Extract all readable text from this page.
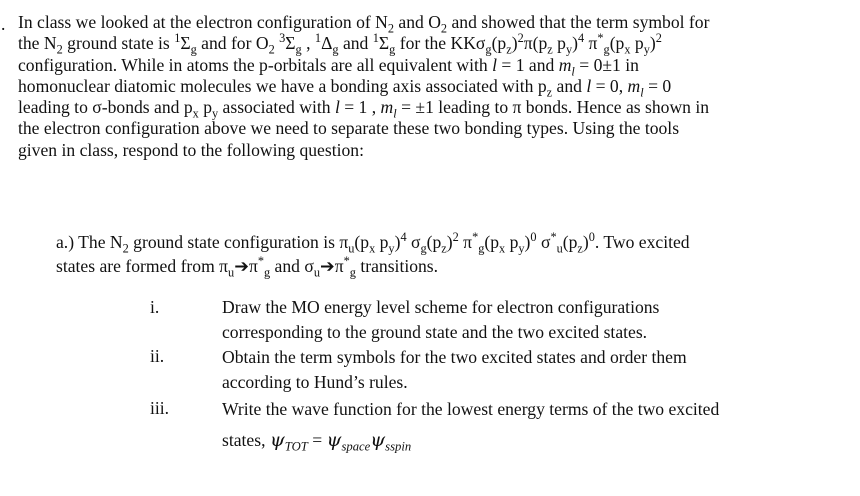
. In class we looked at the electron configuration of $N_2$ and $O_2$ and showed that the term symbol for
the $N_2$ ground state is $^1\Sigma_g$ and for $O_2$ $^3\Sigma_g$ , $^1\Delta_g$ and $^1\Sigma_g$ for the $KK\sigma_g(p_z)^2\pi(p_z$ $p_y)^4$ $\pi^*_g(p_x$ $p_y)^2$
configuration. While in atoms the p-orbitals are all equivalent with l = 1 and $m_l = 0\pm 1$ in
homonuclear diatomic molecules we have a bonding axis associated with $p_z$ and l = 0, $m_l = 0$
leading to σ-bonds and $p_x$ $p_y$ associated with l = 1 , $m_l = \pm 1$ leading to π bonds. Hence as shown in
the electron configuration above we need to separate these two bonding types. Using the tools
given in class, respond to the following question:
a.) The $N_2$ ground state configuration is $\pi_u(p_x$ $p_y)^4$ $\sigma_g(p_z)^2$ $\pi^*_g(p_x$ $p_y)^0$ $\sigma^*_u(p_z)^0$. Two excited
states are formed from $\pi_u➔\pi^*_g$ and $\sigma_u➔\pi^*_g$ transitions.
i.	Draw the MO energy level scheme for electron configurations
corresponding to the ground state and the two excited states.
ii.	Obtain the term symbols for the two excited states and order them
according to Hund’s rules.
iii.	Write the wave function for the lowest energy terms of the two excited
states, $\psi_{TOT} = \psi_{space}\psi_{sspin}$
